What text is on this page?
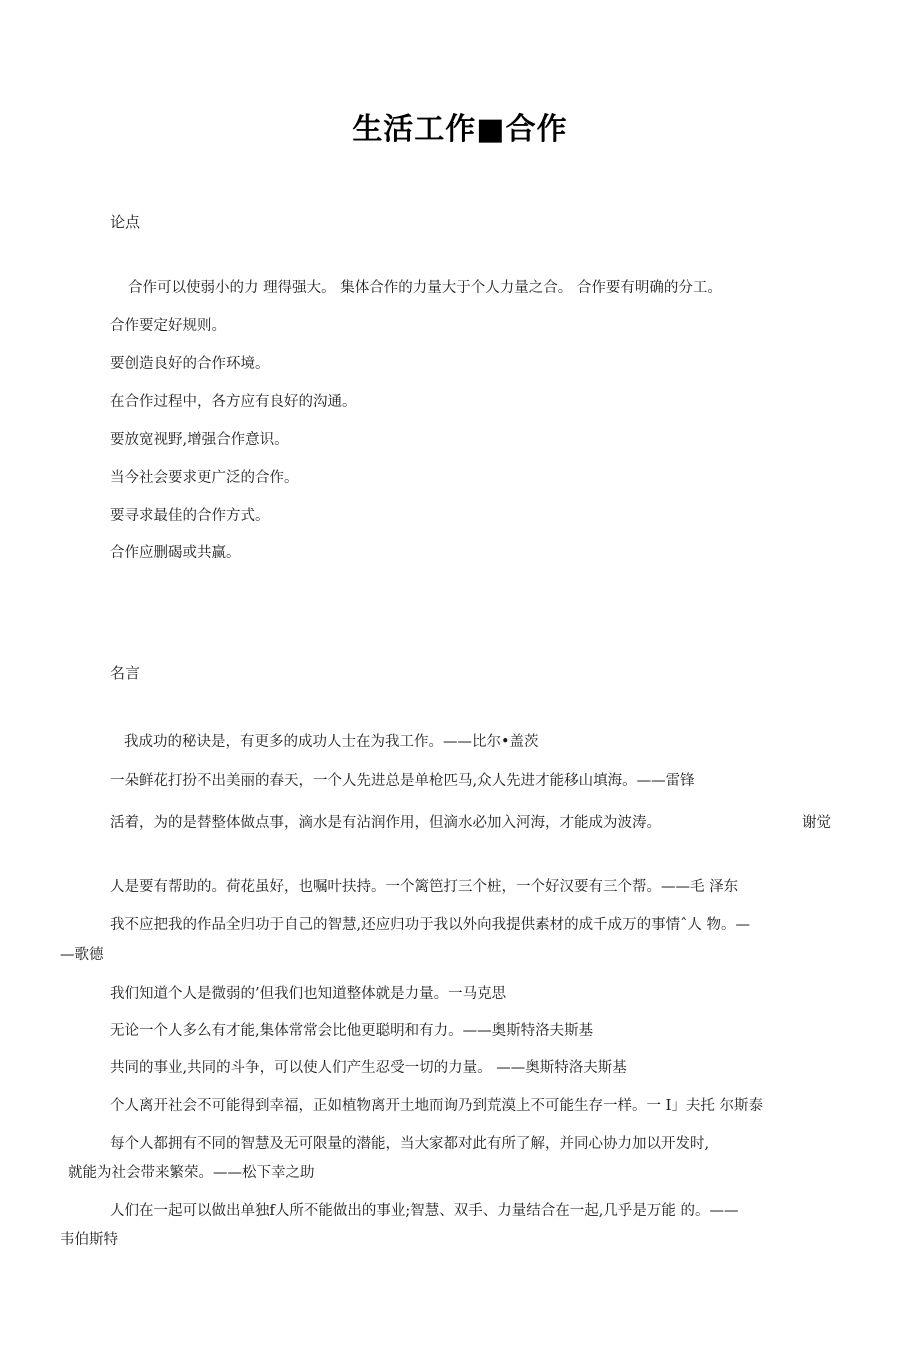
生活工作■合作
论点
合作可以使弱小的力 理得强大。 集体合作的力量大于个人力量之合。 合作要有明确的分工。
合作要定好规则。
要创造良好的合作环境。
在合作过程中，各方应有良好的沟通。
要放宽视野,增强合作意识。
当今社会要求更广泛的合作。
要寻求最佳的合作方式。
合作应删碣或共赢。
名言
我成功的秘诀是，有更多的成功人士在为我工作。——比尔•盖茨
一朵鲜花打扮不出美丽的春天，一个人先进总是单枪匹马,众人先进才能移山填海。——雷锋
活着，为的是替整体做点事，滴水是有沾润作用，但滴水必加入河海，才能成为波涛。	谢觉
人是要有帮助的。荷花虽好，也嘱叶扶持。一个篱笆打三个桩，一个好汉要有三个帮。——毛 泽东
我不应把我的作品全归功于自己的智慧,还应归功于我以外向我提供素材的成千成万的事情ˆ人 物。—
—歌德
我们知道个人是微弱的’但我们也知道整体就是力量。一马克思
无论一个人多么有才能,集体常常会比他更聪明和有力。——奥斯特洛夫斯基
共同的事业,共同的斗争，可以使人们产生忍受一切的力量。 ——奥斯特洛夫斯基
个人离开社会不可能得到幸福，正如植物离开土地而询乃到荒漠上不可能生存一样。一 I」夫托 尔斯泰
每个人都拥有不同的智慧及无可限量的潜能，当大家都对此有所了解，并同心协力加以开发时,
就能为社会带来繁荣。——松下幸之助
人们在一起可以做出单独f人所不能做出的事业;智慧、双手、力量结合在一起,几乎是万能 的。——
韦伯斯特
